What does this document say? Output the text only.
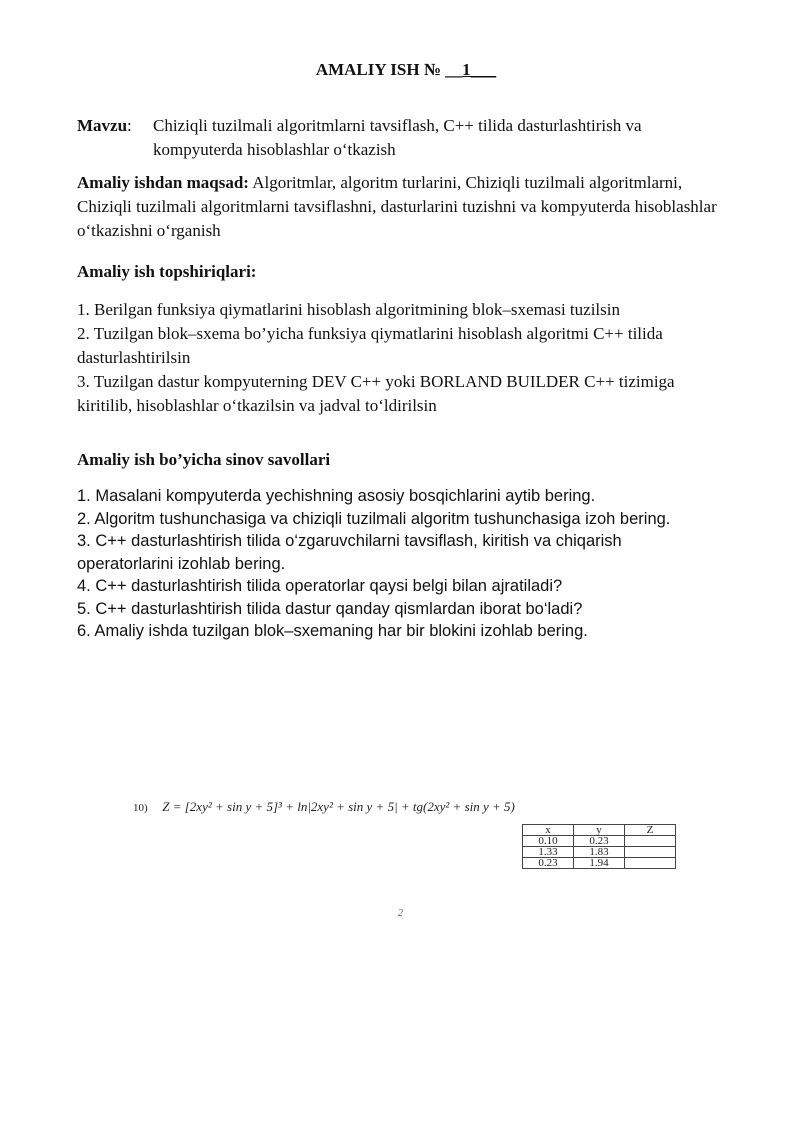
AMALIY ISH № __1___
Mavzu: Chiziqli tuzilmali algoritmlarni tavsiflash, C++ tilida dasturlashtirish va
kompyuterda hisoblashlar o‘tkazish
Amaliy ishdan maqsad: Algoritmlar, algoritm turlarini, Chiziqli tuzilmali algoritmlarni, Chiziqli tuzilmali algoritmlarni tavsiflashni, dasturlarini tuzishni va kompyuterda hisoblashlar o‘tkazishni o‘rganish
Amaliy ish topshiriqlari:
1. Berilgan funksiya qiymatlarini hisoblash algoritmining blok–sxemasi tuzilsin
2. Tuzilgan blok–sxema bo’yicha funksiya qiymatlarini hisoblash algoritmi C++ tilida dasturlashtirilsin
3. Tuzilgan dastur kompyuterning DEV C++ yoki BORLAND BUILDER C++ tizimiga kiritilib, hisoblashlar o‘tkazilsin va jadval to‘ldirilsin
Amaliy ish bo’yicha sinov savollari
1. Masalani kompyuterda yechishning asosiy bosqichlarini aytib bering.
2. Algoritm tushunchasiga va chiziqli tuzilmali algoritm tushunchasiga izoh bering.
3. C++ dasturlashtirish tilida o‘zgaruvchilarni tavsiflash, kiritish va chiqarish operatorlarini izohlab bering.
4. C++ dasturlashtirish tilida operatorlar qaysi belgi bilan ajratiladi?
5. C++ dasturlashtirish tilida dastur qanday qismlardan iborat bo‘ladi?
6. Amaliy ishda tuzilgan blok–sxemaning har bir blokini izohlab bering.
10) Z = [2xy² + sin y + 5]³ + ln|2xy² + sin y + 5| + tg(2xy² + sin y + 5)
x	y	Z
0.10	0.23	
1.33	1.83	
0.23	1.94	
2
